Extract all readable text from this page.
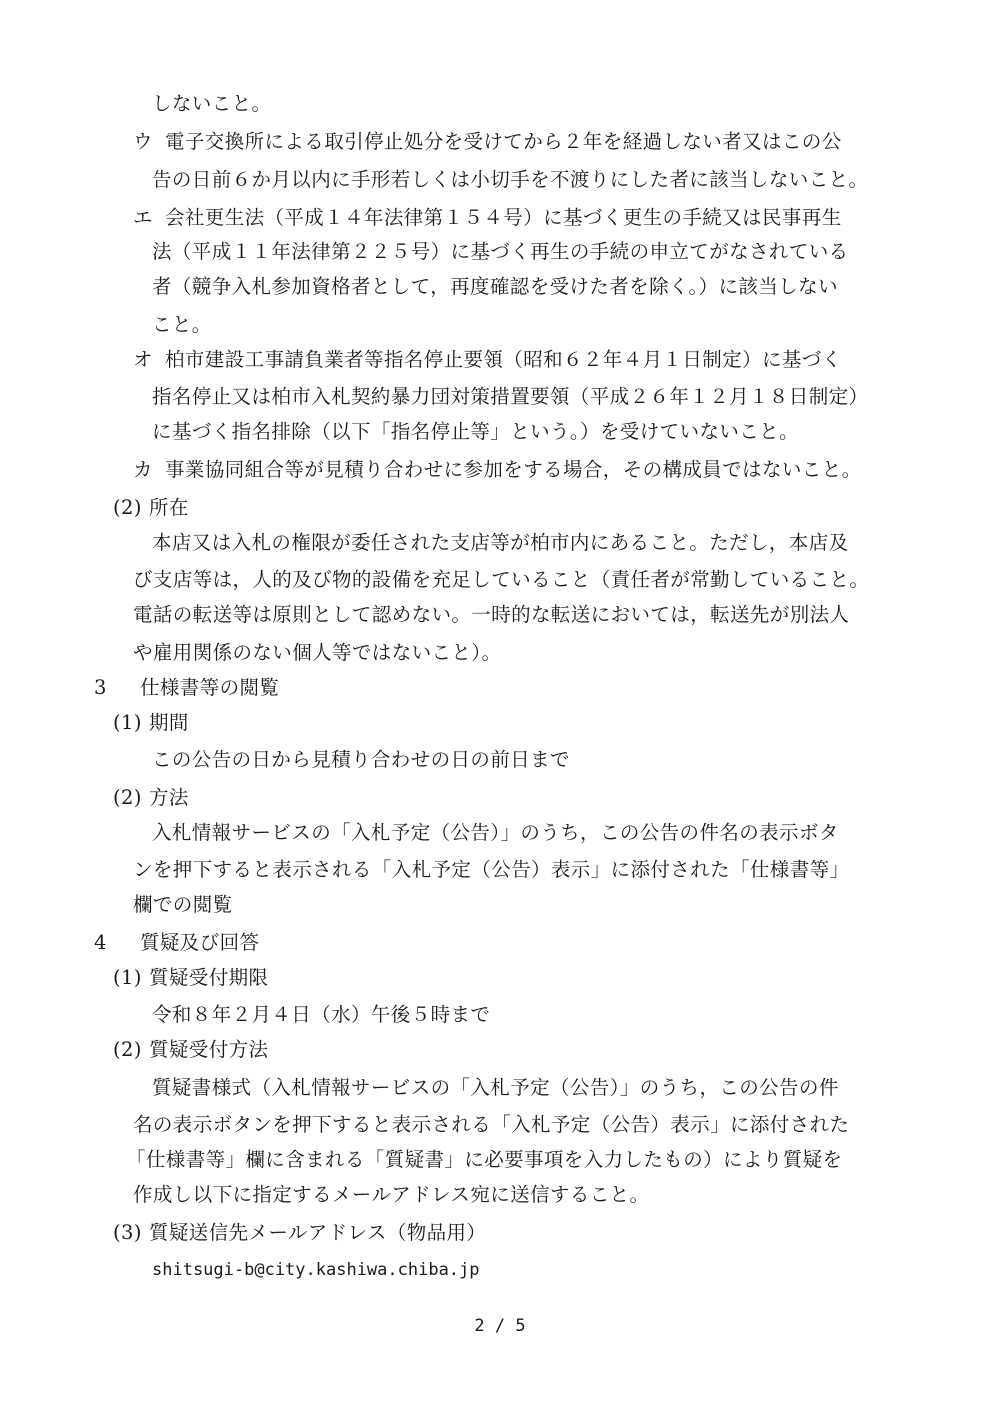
しないこと。

ウ 電子交換所による取引停止処分を受けてから２年を経過しない者又はこの公

告の日前６か月以内に手形若しくは小切手を不渡りにした者に該当しないこと。

エ 会社更生法（平成１４年法律第１５４号）に基づく更生の手続又は民事再生

法（平成１１年法律第２２５号）に基づく再生の手続の申立てがなされている

者（競争入札参加資格者として，再度確認を受けた者を除く。）に該当しない

こと。

オ 柏市建設工事請負業者等指名停止要領（昭和６２年４月１日制定）に基づく

指名停止又は柏市入札契約暴力団対策措置要領（平成２６年１２月１８日制定）

に基づく指名排除（以下「指名停止等」という。）を受けていないこと。

カ 事業協同組合等が見積り合わせに参加をする場合，その構成員ではないこと。

(2) 所在

本店又は入札の権限が委任された支店等が柏市内にあること。ただし，本店及

び支店等は，人的及び物的設備を充足していること（責任者が常勤していること。

電話の転送等は原則として認めない。一時的な転送においては，転送先が別法人

や雇用関係のない個人等ではないこと）。

3 仕様書等の閲覧

(1) 期間

この公告の日から見積り合わせの日の前日まで

(2) 方法

入札情報サービスの「入札予定（公告）」のうち，この公告の件名の表示ボタ

ンを押下すると表示される「入札予定（公告）表示」に添付された「仕様書等」

欄での閲覧

4 質疑及び回答

(1) 質疑受付期限

令和８年２月４日（水）午後５時まで

(2) 質疑受付方法

質疑書様式（入札情報サービスの「入札予定（公告）」のうち，この公告の件

名の表示ボタンを押下すると表示される「入札予定（公告）表示」に添付された

「仕様書等」欄に含まれる「質疑書」に必要事項を入力したもの）により質疑を

作成し以下に指定するメールアドレス宛に送信すること。

(3) 質疑送信先メールアドレス（物品用）

shitsugi-b@city.kashiwa.chiba.jp

2 / 5
